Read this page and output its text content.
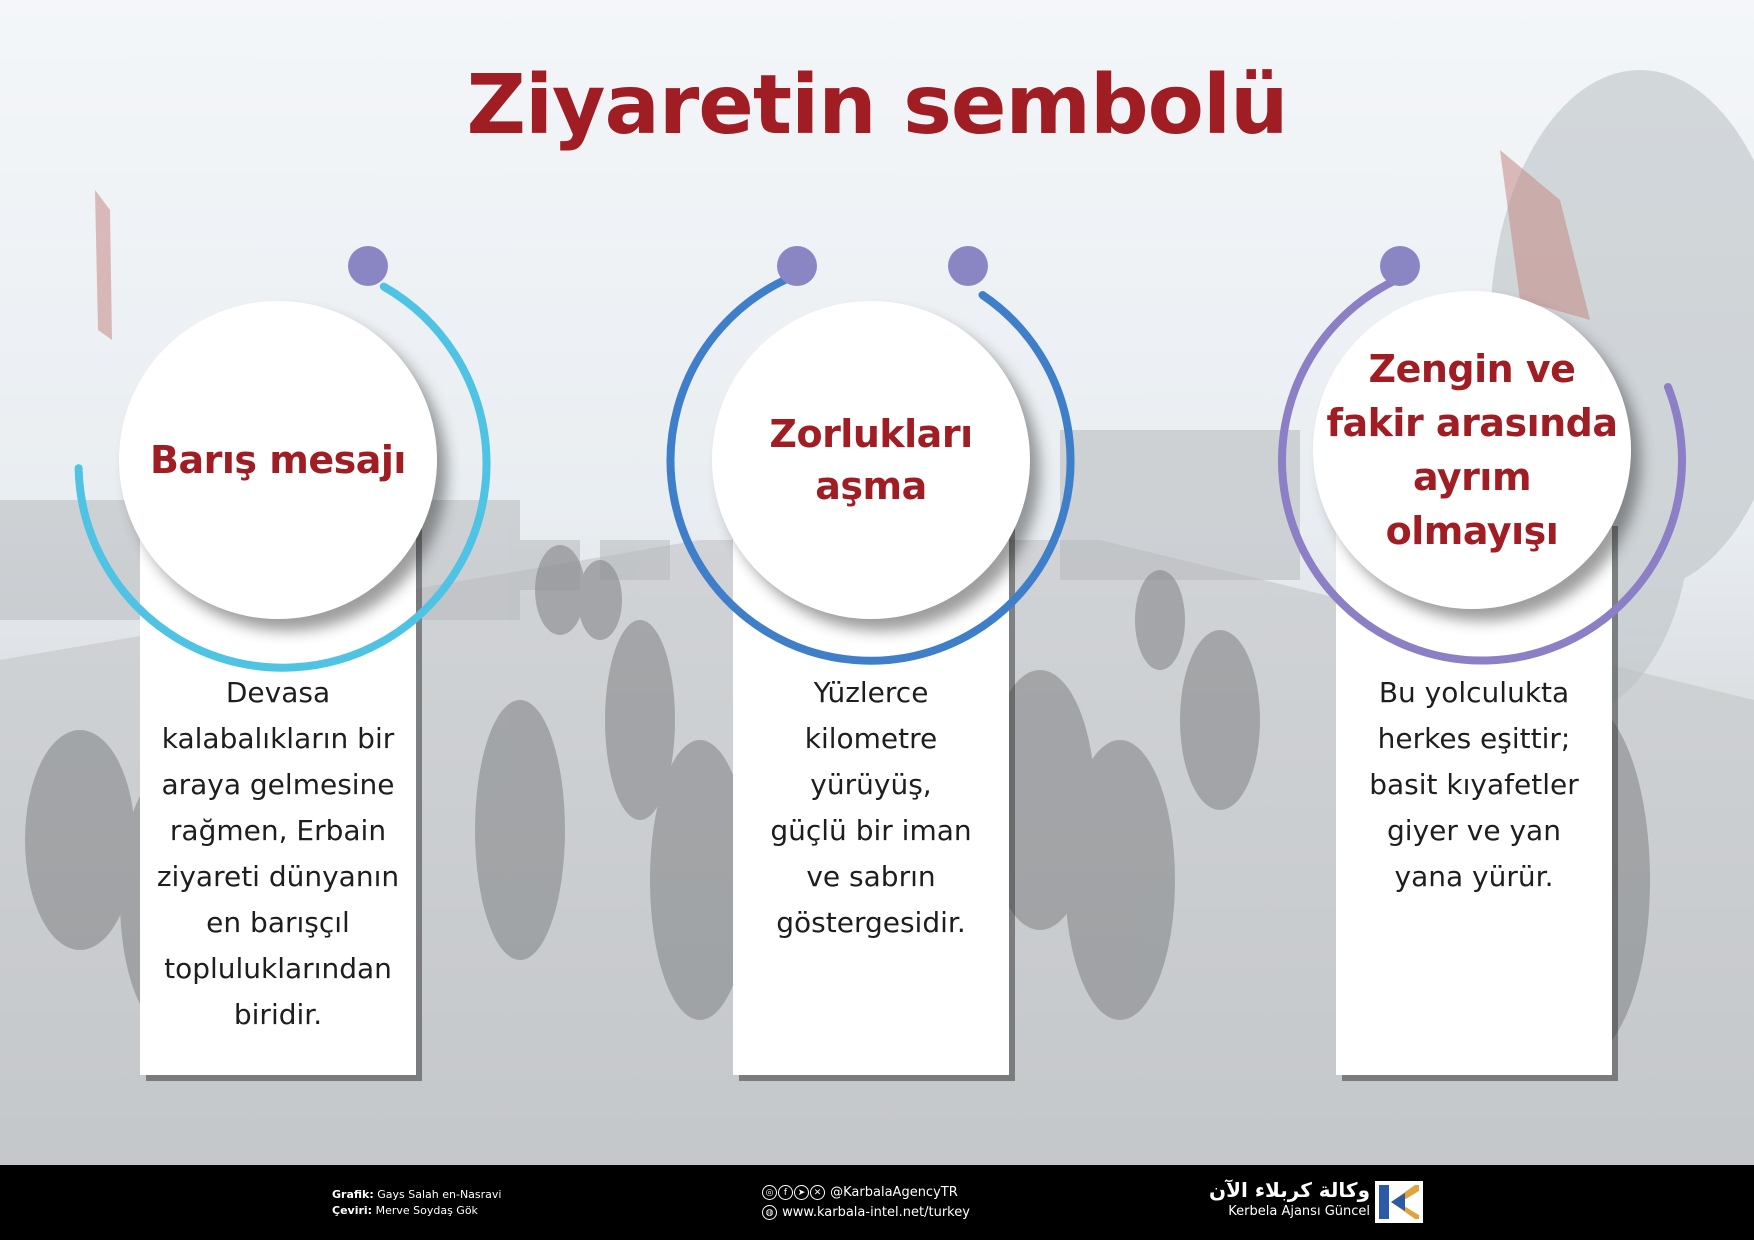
Ziyaretin sembolü
Devasa
kalabalıkların bir
araya gelmesine
rağmen, Erbain
ziyareti dünyanın
en barışçıl
topluluklarından
biridir.
Yüzlerce
kilometre
yürüyüş,
güçlü bir iman
ve sabrın
göstergesidir.
Bu yolculukta
herkes eşittir;
basit kıyafetler
giyer ve yan
yana yürür.
Barış mesajı
Zorlukları
aşma
Zengin ve
fakir arasında
ayrım
olmayışı
Grafik: Gays Salah en-Nasravi
Çeviri: Merve Soydaş Gök
◎ f ➤ ✕ @KarbalaAgencyTR
◍ www.karbala-intel.net/turkey
وكالة كربلاء الآن
Kerbela Ajansı Güncel
